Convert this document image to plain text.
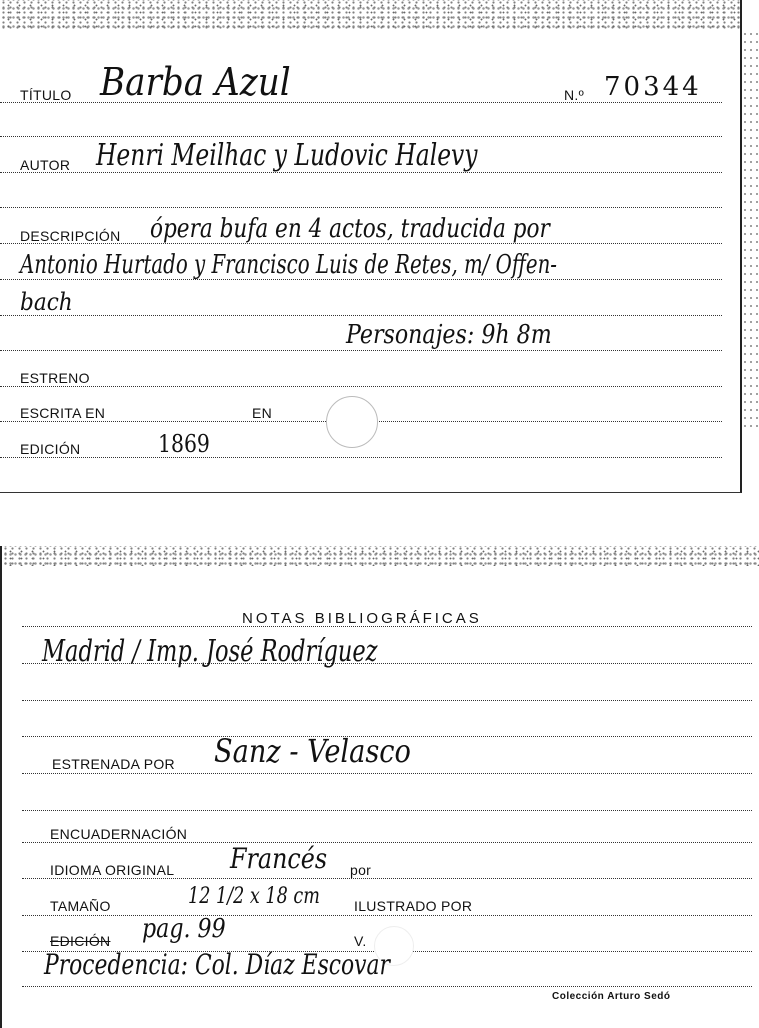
TÍTULO Barba Azul	N.º 70344
AUTOR Henri Meilhac y Ludovic Halevy
DESCRIPCIÓN ópera bufa en 4 actos, traducida por
Antonio Hurtado y Francisco Luis de Retes, m/ Offen-
bach
Personajes: 9h 8m
ESTRENO
ESCRITA EN	EN
EDICIÓN	1869
NOTAS BIBLIOGRÁFICAS
Madrid / Imp. José Rodríguez
ESTRENADA POR Sanz - Velasco
ENCUADERNACIÓN
IDIOMA ORIGINAL Francés por
TAMAÑO	12 1/2 x 18 cm ILUSTRADO POR
EDICIÓN pag. 99	V.
Procedencia: Col. Díaz Escovar
Colección Arturo Sedó
